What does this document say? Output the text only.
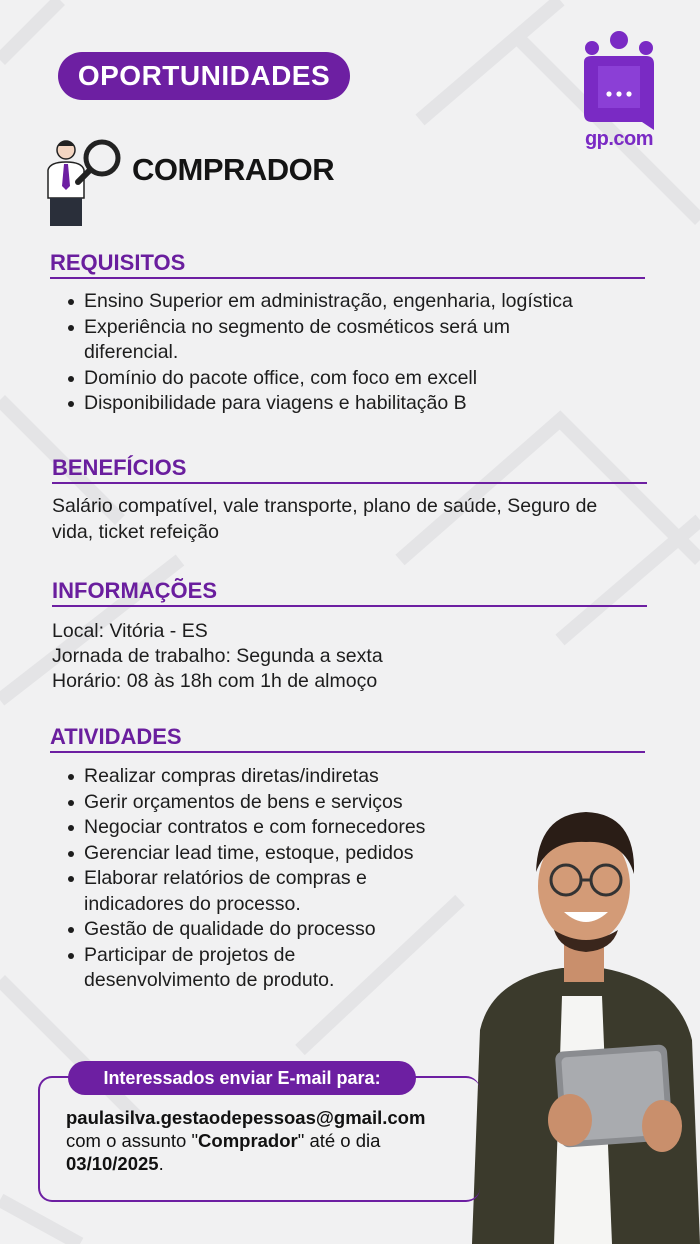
OPORTUNIDADES
gp.com
COMPRADOR
REQUISITOS
Ensino Superior em administração, engenharia, logística
Experiência no segmento de cosméticos será um diferencial.
Domínio do pacote office, com foco em excell
Disponibilidade para viagens e habilitação B
BENEFÍCIOS
Salário compatível, vale transporte, plano de saúde, Seguro de vida, ticket refeição
INFORMAÇÕES
Local: Vitória - ES
Jornada de trabalho: Segunda a sexta
Horário: 08 às 18h com 1h de almoço
ATIVIDADES
Realizar compras diretas/indiretas
Gerir orçamentos de bens e serviços
Negociar contratos e com fornecedores
Gerenciar lead time, estoque, pedidos
Elaborar relatórios de compras e indicadores do processo.
Gestão de qualidade do processo
Participar de projetos de desenvolvimento de produto.
Interessados enviar E-mail para:
paulasilva.gestaodepessoas@gmail.com
com o assunto "Comprador" até o dia
03/10/2025.
